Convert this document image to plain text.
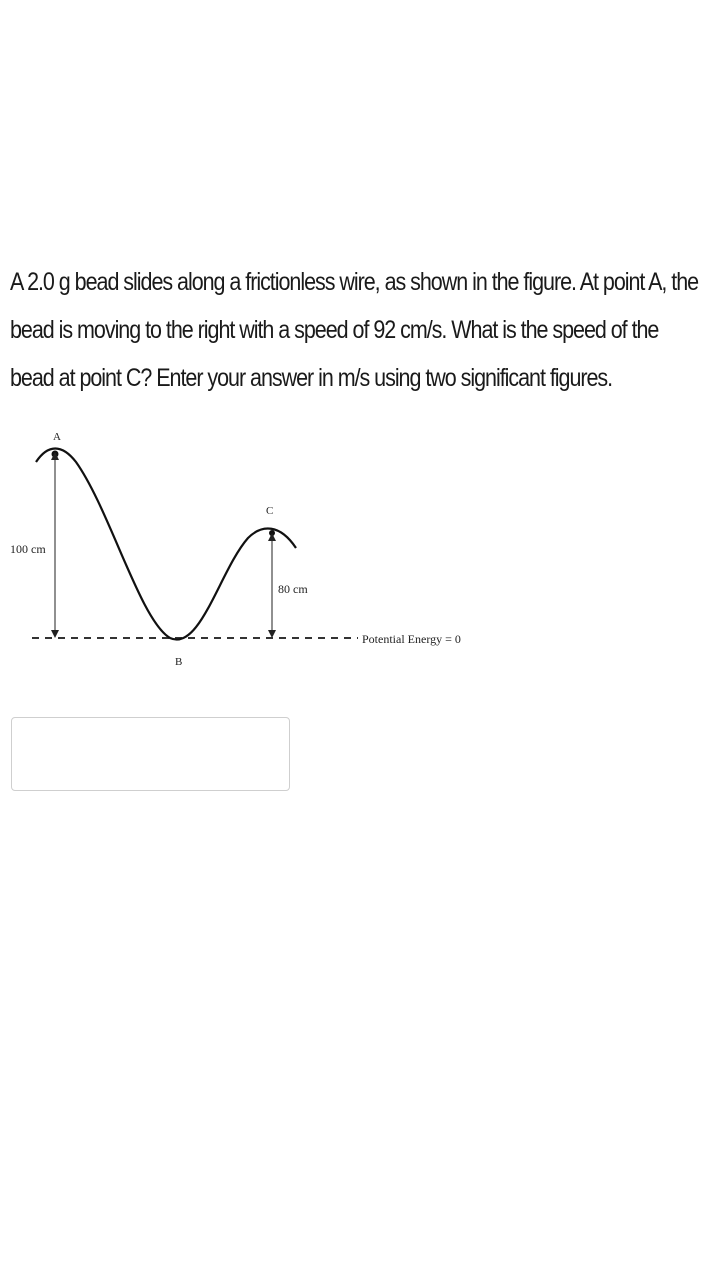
A 2.0 g bead slides along a frictionless wire, as shown in the figure. At point A, the bead is moving to the right with a speed of 92 cm/s. What is the speed of the bead at point C? Enter your answer in m/s using two significant figures.
A
C
B
100 cm
80 cm
Potential Energy = 0
